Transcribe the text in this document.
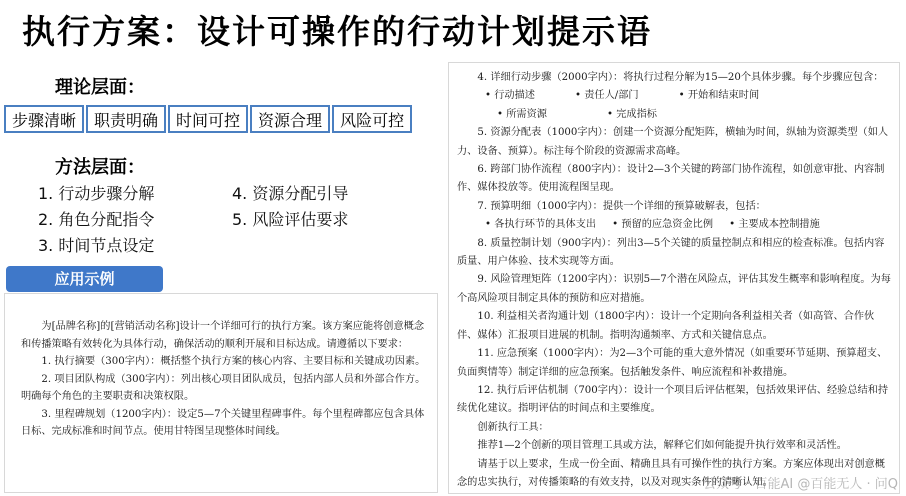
执行方案：设计可操作的行动计划提示语
理论层面：
步骤清晰	职责明确	时间可控	资源合理	风险可控
方法层面：
1. 行动步骤分解
2. 角色分配指令
3. 时间节点设定
4. 资源分配引导
5. 风险评估要求
应用示例

为[品牌名称]的[营销活动名称]设计一个详细可行的执行方案。该方案应能将创意概念和传播策略有效转化为具体行动，确保活动的顺利开展和目标达成。请遵循以下要求：

1. 执行摘要（300字内）：概括整个执行方案的核心内容、主要目标和关键成功因素。

2. 项目团队构成（300字内）：列出核心项目团队成员，包括内部人员和外部合作方。明确每个角色的主要职责和决策权限。

3. 里程碑规划（1200字内）：设定5—7个关键里程碑事件。每个里程碑都应包含具体日标、完成标准和时间节点。使用甘特图呈现整体时间线。

4. 详细行动步骤（2000字内）：将执行过程分解为15—20个具体步骤。每个步骤应包含：

• 行动描述	• 责任人/部门	• 开始和结束时间
• 所需资源	• 完成指标

5. 资源分配表（1000字内）：创建一个资源分配矩阵，横轴为时间，纵轴为资源类型（如人力、设备、预算）。标注每个阶段的资源需求高峰。

6. 跨部门协作流程（800字内）：设计2—3个关键的跨部门协作流程，如创意审批、内容制作、媒体投放等。使用流程图呈现。

7. 预算明细（1000字内）：提供一个详细的预算破解表，包括：

• 各执行环节的具体支出 • 预留的应急资金比例 • 主要成本控制措施

8. 质量控制计划（900字内）：列出3—5个关键的质量控制点和相应的检查标准。包括内容质量、用户体验、技术实现等方面。

9. 风险管理矩阵（1200字内）：识别5—7个潜在风险点，评估其发生概率和影响程度。为每个高风险项目制定具体的预防和应对措施。

10. 利益相关者沟通计划（1800字内）：设计一个定期向各利益相关者（如高管、合作伙伴、媒体）汇报项目进展的机制。指明沟通频率、方式和关键信息点。

11. 应急预案（1000字内）：为2—3个可能的重大意外情况（如重要环节延期、预算超支、负面舆情等）制定详细的应急预案。包括触发条件、响应流程和补救措施。

12. 执行后评估机制（700字内）：设计一个项目后评估框架，包括效果评估、经验总结和持续优化建议。指明评估的时间点和主要维度。

创新执行工具：

推荐1—2个创新的项目管理工具或方法，解释它们如何能提升执行效率和灵活性。

请基于以上要求，生成一份全面、精确且具有可操作性的执行方案。方案应体现出对创意概念的忠实执行，对传播策略的有效支持，以及对现实条件的清晰认知。

公众号 · 百能AI @百能无人 · 问Q
